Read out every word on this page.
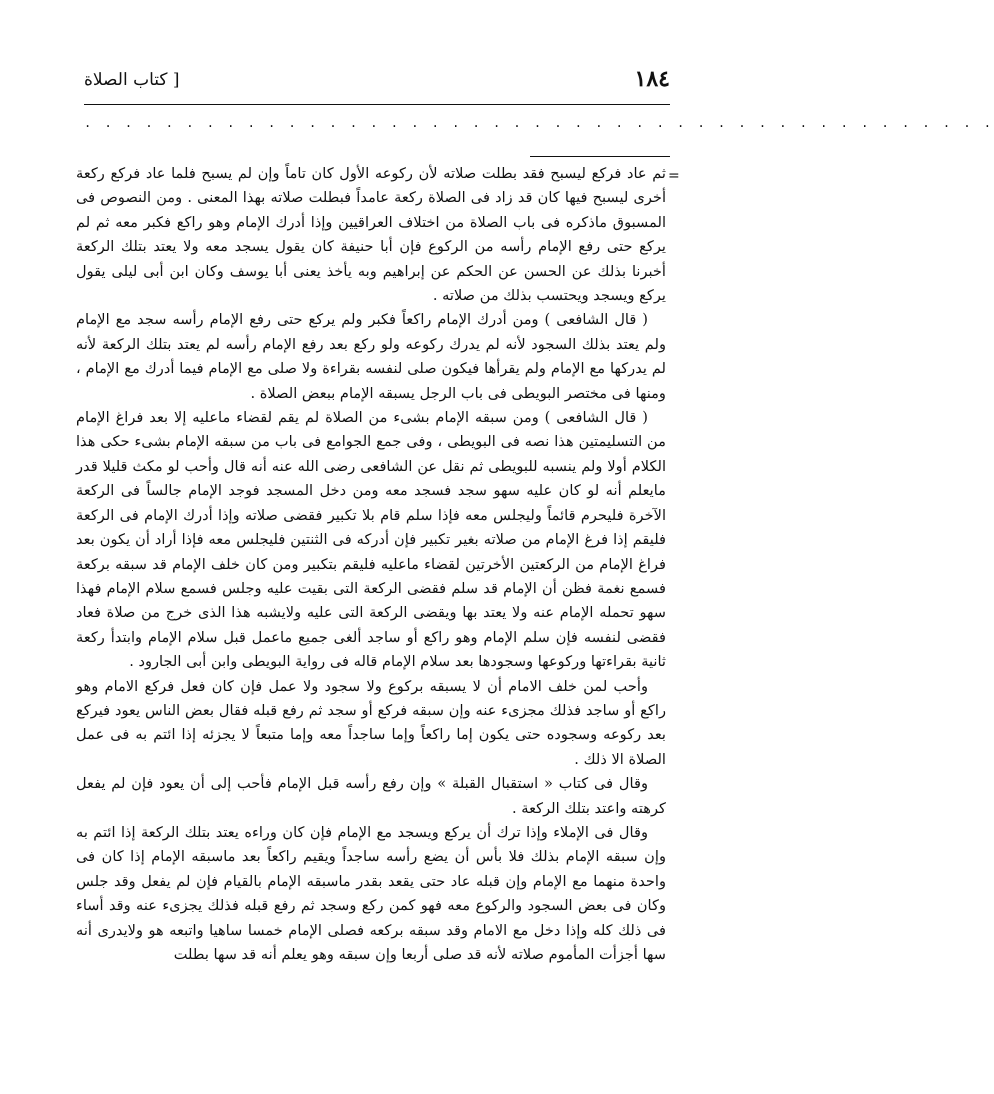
[ كتاب الصلاة	١٨٤
. . . . . . . . . . . . . . . . . . . . . . . . . . . . . . . . . . . . . . . . . . . . .
=

ثم عاد فركع ليسبح فقد بطلت صلاته لأن ركوعه الأول كان تاماً وإن لم يسبح فلما عاد فركع ركعة أخرى ليسبح فيها كان قد زاد فى الصلاة ركعة عامداً فبطلت صلاته بهذا المعنى . ومن النصوص فى المسبوق ماذكره فى باب الصلاة من اختلاف العراقيين وإذا أدرك الإمام وهو راكع فكبر معه ثم لم يركع حتى رفع الإمام رأسه من الركوع فإن أبا حنيفة كان يقول يسجد معه ولا يعتد بتلك الركعة أخبرنا بذلك عن الحسن عن الحكم عن إبراهيم وبه يأخذ يعنى أبا يوسف وكان ابن أبى ليلى يقول يركع ويسجد ويحتسب بذلك من صلاته .

( قال الشافعى ) ومن أدرك الإمام راكعاً فكبر ولم يركع حتى رفع الإمام رأسه سجد مع الإمام ولم يعتد بذلك السجود لأنه لم يدرك ركوعه ولو ركع بعد رفع الإمام رأسه لم يعتد بتلك الركعة لأنه لم يدركها مع الإمام ولم يقرأها فيكون صلى لنفسه بقراءة ولا صلى مع الإمام فيما أدرك مع الإمام ، ومنها فى مختصر البويطى فى باب الرجل يسبقه الإمام ببعض الصلاة .

( قال الشافعى ) ومن سبقه الإمام بشىء من الصلاة لم يقم لقضاء ماعليه إلا بعد فراغ الإمام من التسليمتين هذا نصه فى البويطى ، وفى جمع الجوامع فى باب من سبقه الإمام بشىء حكى هذا الكلام أولا ولم ينسبه للبويطى ثم نقل عن الشافعى رضى الله عنه أنه قال وأحب لو مكث قليلا قدر مايعلم أنه لو كان عليه سهو سجد فسجد معه ومن دخل المسجد فوجد الإمام جالساً فى الركعة الآخرة فليحرم قائماً وليجلس معه فإذا سلم قام بلا تكبير فقضى صلاته وإذا أدرك الإمام فى الركعة فليقم إذا فرغ الإمام من صلاته بغير تكبير فإن أدركه فى الثنتين فليجلس معه فإذا أراد أن يكون بعد فراغ الإمام من الركعتين الأخرتين لقضاء ماعليه فليقم بتكبير ومن كان خلف الإمام قد سبقه بركعة فسمع نغمة فظن أن الإمام قد سلم فقضى الركعة التى بقيت عليه وجلس فسمع سلام الإمام فهذا سهو تحمله الإمام عنه ولا يعتد بها ويقضى الركعة التى عليه ولايشبه هذا الذى خرج من صلاة فعاد فقضى لنفسه فإن سلم الإمام وهو راكع أو ساجد ألغى جميع ماعمل قبل سلام الإمام وابتدأ ركعة ثانية بقراءتها وركوعها وسجودها بعد سلام الإمام قاله فى رواية البويطى وابن أبى الجارود .

وأحب لمن خلف الامام أن لا يسبقه بركوع ولا سجود ولا عمل فإن كان فعل فركع الامام وهو راكع أو ساجد فذلك مجزىء عنه وإن سبقه فركع أو سجد ثم رفع قبله فقال بعض الناس يعود فيركع بعد ركوعه وسجوده حتى يكون إما راكعاً وإما ساجداً معه وإما متبعاً لا يجزئه إذا ائتم به فى عمل الصلاة الا ذلك .

وقال فى كتاب « استقبال القبلة » وإن رفع رأسه قبل الإمام فأحب إلى أن يعود فإن لم يفعل كرهته واعتد بتلك الركعة .

وقال فى الإملاء وإذا ترك أن يركع ويسجد مع الإمام فإن كان وراءه يعتد بتلك الركعة إذا ائتم به وإن سبقه الإمام بذلك فلا بأس أن يضع رأسه ساجداً ويقيم راكعاً بعد ماسبقه الإمام إذا كان فى واحدة منهما مع الإمام وإن قبله عاد حتى يقعد بقدر ماسبقه الإمام بالقيام فإن لم يفعل وقد جلس وكان فى بعض السجود والركوع معه فهو كمن ركع وسجد ثم رفع قبله فذلك يجزىء عنه وقد أساء فى ذلك كله وإذا دخل مع الامام وقد سبقه بركعه فصلى الإمام خمسا ساهيا واتبعه هو ولايدرى أنه سها أجزأت المأموم صلاته لأنه قد صلى أربعا وإن سبقه وهو يعلم أنه قد سها بطلت
